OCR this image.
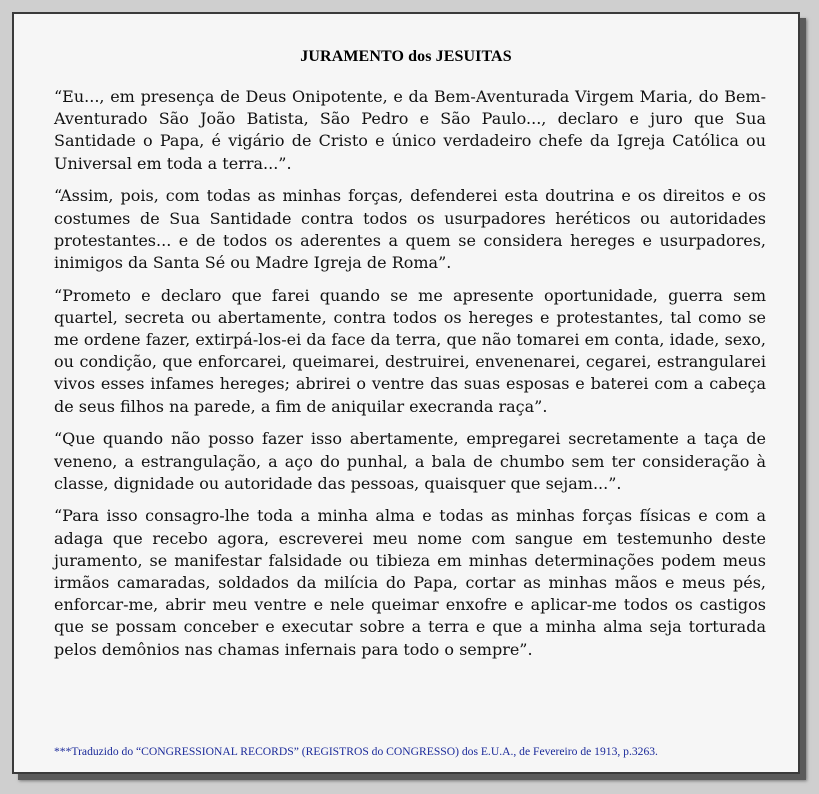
JURAMENTO dos JESUITAS

“Eu..., em presença de Deus Onipotente, e da Bem-Aventurada Virgem Maria, do Bem-Aventurado São João Batista, São Pedro e São Paulo..., declaro e juro que Sua Santidade o Papa, é vigário de Cristo e único verdadeiro chefe da Igreja Católica ou Universal em toda a terra...”.

“Assim, pois, com todas as minhas forças, defenderei esta doutrina e os direitos e os costumes de Sua Santidade contra todos os usurpadores heréticos ou autoridades protestantes... e de todos os aderentes a quem se considera hereges e usurpadores, inimigos da Santa Sé ou Madre Igreja de Roma”.

“Prometo e declaro que farei quando se me apresente oportunidade, guerra sem quartel, secreta ou abertamente, contra todos os hereges e protestantes, tal como se me ordene fazer, extirpá-los-ei da face da terra, que não tomarei em conta, idade, sexo, ou condição, que enforcarei, queimarei, destruirei, envenenarei, cegarei, estrangularei vivos esses infames hereges; abrirei o ventre das suas esposas e baterei com a cabeça de seus filhos na parede, a fim de aniquilar execranda raça”.

“Que quando não posso fazer isso abertamente, empregarei secretamente a taça de veneno, a estrangulação, a aço do punhal, a bala de chumbo sem ter consideração à classe, dignidade ou autoridade das pessoas, quaisquer que sejam...”.

“Para isso consagro-lhe toda a minha alma e todas as minhas forças físicas e com a adaga que recebo agora, escreverei meu nome com sangue em testemunho deste juramento, se manifestar falsidade ou tibieza em minhas determinações podem meus irmãos camaradas, soldados da milícia do Papa, cortar as minhas mãos e meus pés, enforcar-me, abrir meu ventre e nele queimar enxofre e aplicar-me todos os castigos que se possam conceber e executar sobre a terra e que a minha alma seja torturada pelos demônios nas chamas infernais para todo o sempre”.

***Traduzido do “CONGRESSIONAL RECORDS” (REGISTROS do CONGRESSO) dos E.U.A., de Fevereiro de 1913, p.3263.
